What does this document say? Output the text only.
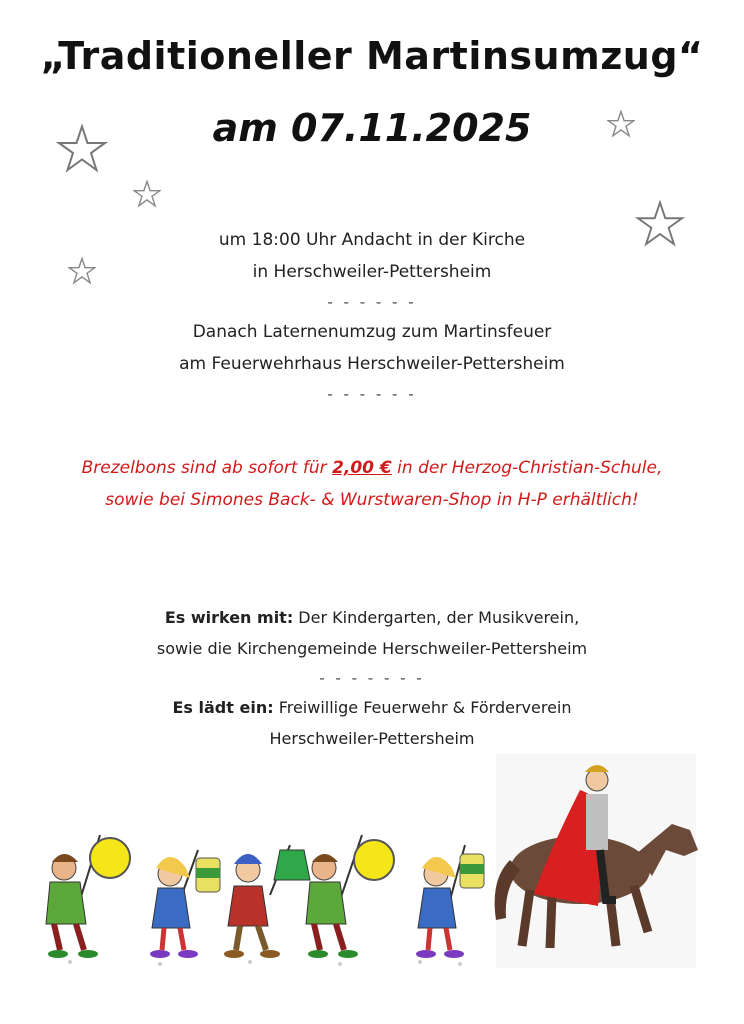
„Traditioneller Martinsumzug“
am 07.11.2025
um 18:00 Uhr Andacht in der Kirche
in Herschweiler-Pettersheim
- - - - - -
Danach Laternenumzug zum Martinsfeuer
am Feuerwehrhaus Herschweiler-Pettersheim
- - - - - -
Brezelbons sind ab sofort für 2,00 € in der Herzog-Christian-Schule,
sowie bei Simones Back- & Wurstwaren-Shop in H-P erhältlich!
Es wirken mit: Der Kindergarten, der Musikverein,
sowie die Kirchengemeinde Herschweiler-Pettersheim
- - - - - - -
Es lädt ein: Freiwillige Feuerwehr & Förderverein
Herschweiler-Pettersheim
